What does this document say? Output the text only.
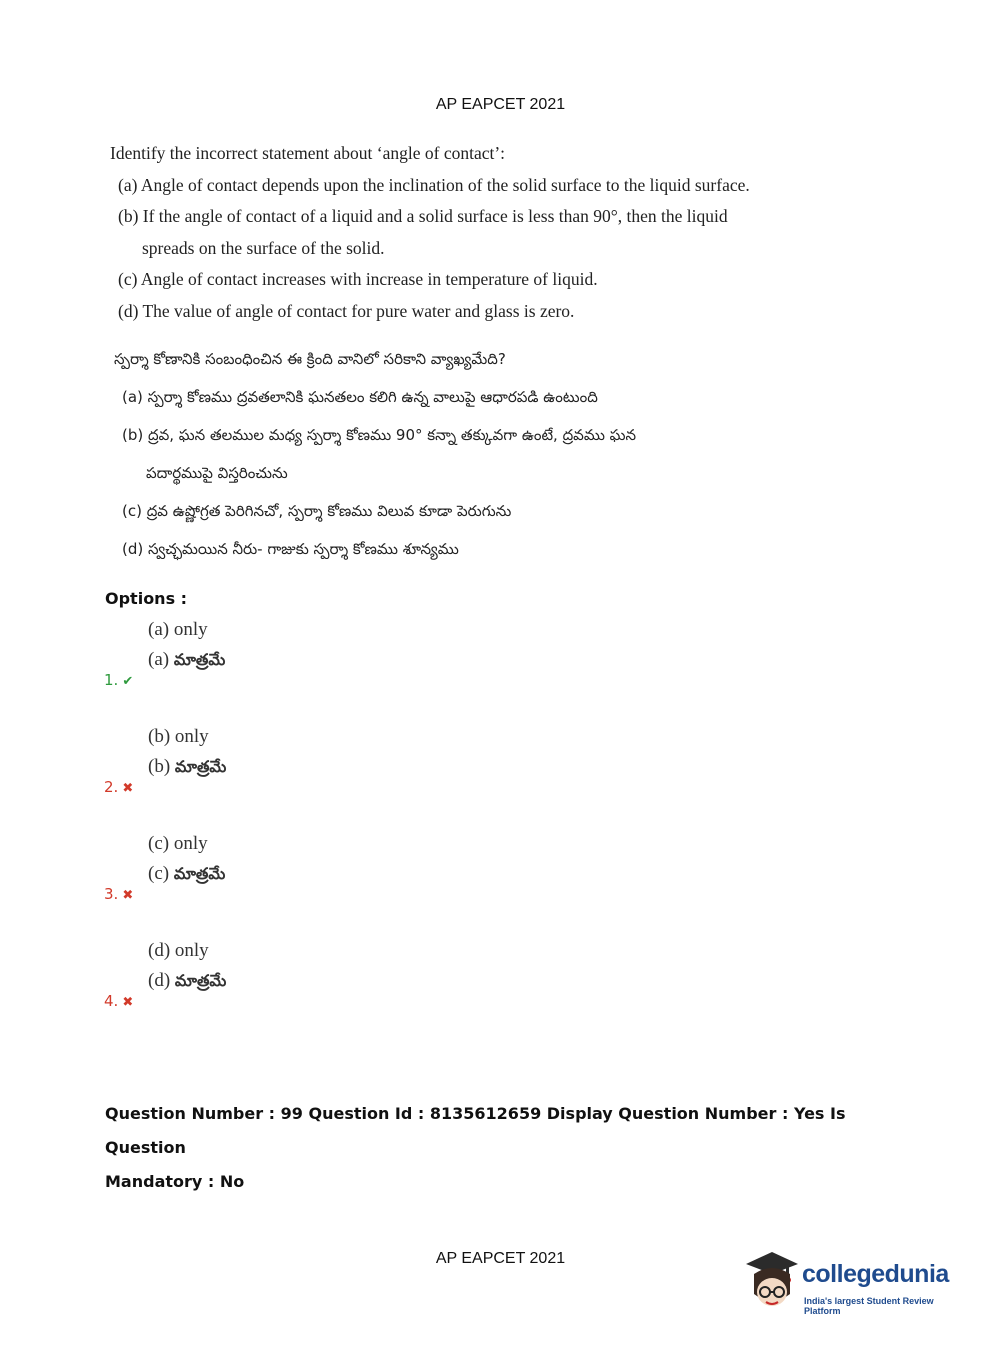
AP EAPCET 2021
Identify the incorrect statement about ‘angle of contact’:
(a) Angle of contact depends upon the inclination of the solid surface to the liquid surface.
(b) If the angle of contact of a liquid and a solid surface is less than 90°, then the liquid
spreads on the surface of the solid.
(c) Angle of contact increases with increase in temperature of liquid.
(d) The value of angle of contact for pure water and glass is zero.
స్పర్శా కోణానికి సంబంధించిన ఈ క్రింది వానిలో సరికాని వ్యాఖ్యమేది?
(a) స్పర్శా కోణము ద్రవతలానికి ఘనతలం కలిగి ఉన్న వాలుపై ఆధారపడి ఉంటుంది
(b) ద్రవ, ఘన తలముల మధ్య స్పర్శా కోణము 90° కన్నా తక్కువగా ఉంటే, ద్రవము ఘన
పదార్థముపై విస్తరించును
(c) ద్రవ ఉష్ణోగ్రత పెరిగినచో, స్పర్శా కోణము విలువ కూడా పెరుగును
(d) స్వచ్ఛమయిన నీరు- గాజుకు స్పర్శా కోణము శూన్యము
Options :
1. ✔
(a) only
(a) మాత్రమే
2. ✖
(b) only
(b) మాత్రమే
3. ✖
(c) only
(c) మాత్రమే
4. ✖
(d) only
(d) మాత్రమే
Question Number : 99 Question Id : 8135612659 Display Question Number : Yes Is Question
Mandatory : No
AP EAPCET 2021
collegedunia
India's largest Student Review Platform
